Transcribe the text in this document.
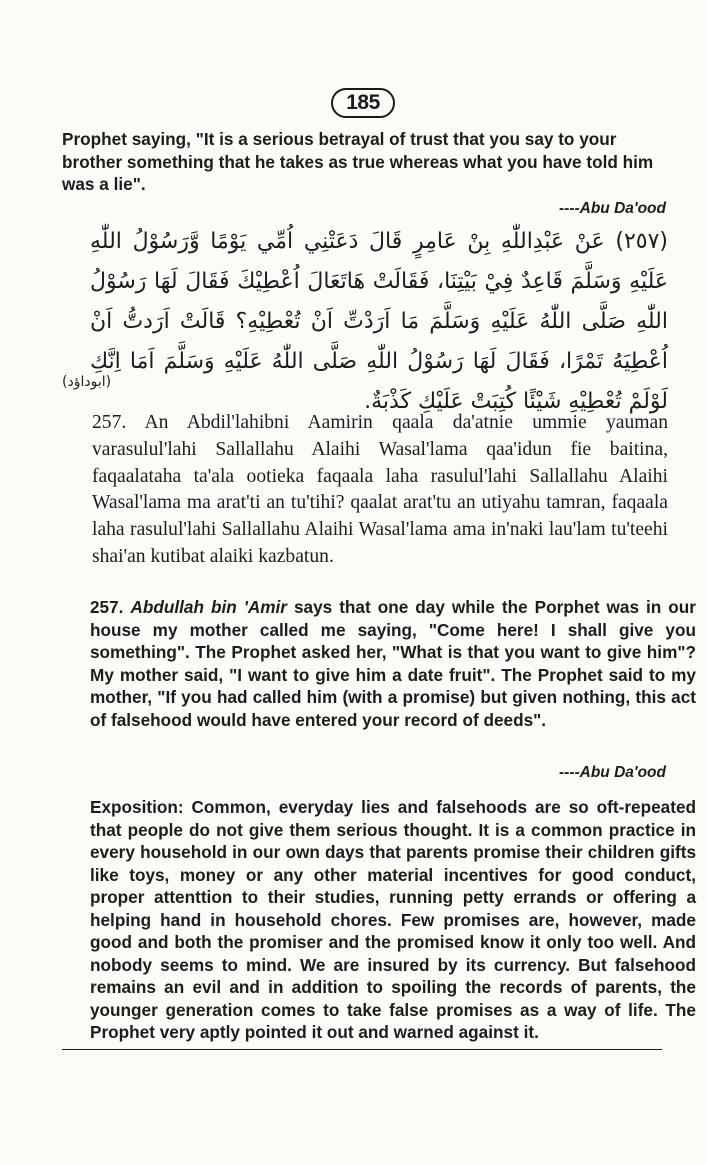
185
Prophet saying, "It is a serious betrayal of trust that you say to your brother something that he takes as true whereas what you have told him was a lie".
----Abu Da'ood
(٢٥٧) عَنْ عَبْدِاللّٰهِ بِنْ عَامِرٍ قَالَ دَعَتْنِي اُمِّي يَوْمًا وَّرَسُوْلُ اللّٰهِ عَلَيْهِ وَسَلَّمَ قَاعِدٌ فِيْ بَيْتِنَا، فَقَالَتْ هَاتَعَالَ اُعْطِيْكَ فَقَالَ لَهَا رَسُوْلُ اللّٰهِ صَلَّى اللّٰهُ عَلَيْهِ وَسَلَّمَ مَا اَرَدْتِّ اَنْ تُعْطِيْهِ؟ قَالَتْ اَرَدتُّ اَنْ اُعْطِيَهُ تَمْرًا، فَقَالَ لَهَا رَسُوْلُ اللّٰهِ صَلَّى اللّٰهُ عَلَيْهِ وَسَلَّمَ اَمَا اِنَّكِ لَوْلَمْ تُعْطِيْهِ شَيْئًا كُتِبَتْ عَلَيْكِ كَذْبَةٌ.
(ابوداؤد)
257. An Abdil'lahibni Aamirin qaala da'atnie ummie yauman varasulul'lahi Sallallahu Alaihi Wasal'lama qaa'idun fie baitina, faqaalataha ta'ala ootieka faqaala laha rasulul'lahi Sallallahu Alaihi Wasal'lama ma arat'ti an tu'tihi? qaalat arat'tu an utiyahu tamran, faqaala laha rasulul'lahi Sallallahu Alaihi Wasal'lama ama in'naki lau'lam tu'teehi shai'an kutibat alaiki kazbatun.
257. Abdullah bin 'Amir says that one day while the Porphet was in our house my mother called me saying, "Come here! I shall give you something". The Prophet asked her, "What is that you want to give him"? My mother said, "I want to give him a date fruit". The Prophet said to my mother, "If you had called him (with a promise) but given nothing, this act of falsehood would have entered your record of deeds".
----Abu Da'ood
Exposition: Common, everyday lies and falsehoods are so oft-repeated that people do not give them serious thought. It is a common practice in every household in our own days that parents promise their children gifts like toys, money or any other material incentives for good conduct, proper attenttion to their studies, running petty errands or offering a helping hand in household chores. Few promises are, however, made good and both the promiser and the promised know it only too well. And nobody seems to mind. We are insured by its currency. But falsehood remains an evil and in addition to spoiling the records of parents, the younger generation comes to take false promises as a way of life. The Prophet very aptly pointed it out and warned against it.
